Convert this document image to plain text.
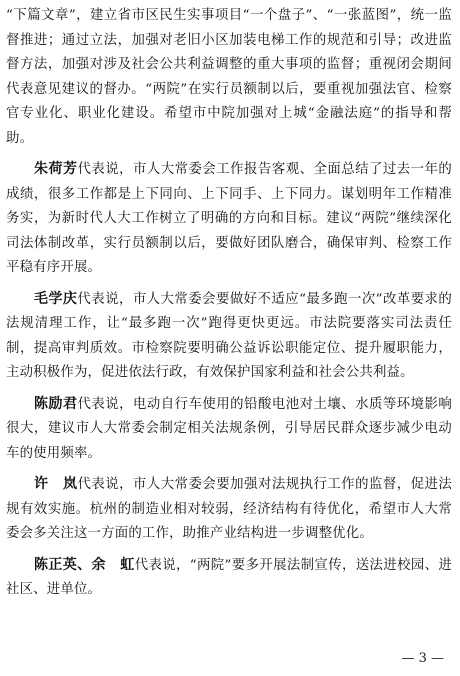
“下篇文章”，建立省市区民生实事项目“一个盘子”、“一张蓝图”，统一监督推进；通过立法，加强对老旧小区加装电梯工作的规范和引导；改进监督方法，加强对涉及社会公共利益调整的重大事项的监督；重视闭会期间代表意见建议的督办。“两院”在实行员额制以后，要重视加强法官、检察官专业化、职业化建设。希望市中院加强对上城“金融法庭”的指导和帮助。

朱荷芳代表说，市人大常委会工作报告客观、全面总结了过去一年的成绩，很多工作都是上下同向、上下同手、上下同力。谋划明年工作精准务实，为新时代人大工作树立了明确的方向和目标。建议“两院”继续深化司法体制改革，实行员额制以后，要做好团队磨合，确保审判、检察工作平稳有序开展。

毛学庆代表说，市人大常委会要做好不适应“最多跑一次”改革要求的法规清理工作，让“最多跑一次”跑得更快更远。市法院要落实司法责任制，提高审判质效。市检察院要明确公益诉讼职能定位、提升履职能力，主动积极作为，促进依法行政，有效保护国家利益和社会公共利益。

陈励君代表说，电动自行车使用的铅酸电池对土壤、水质等环境影响很大，建议市人大常委会制定相关法规条例，引导居民群众逐步减少电动车的使用频率。

许　岚代表说，市人大常委会要加强对法规执行工作的监督，促进法规有效实施。杭州的制造业相对较弱，经济结构有待优化，希望市人大常委会多关注这一方面的工作，助推产业结构进一步调整优化。

陈正英、余　虹代表说，“两院”要多开展法制宣传，送法进校园、进社区、进单位。

— 3 —
